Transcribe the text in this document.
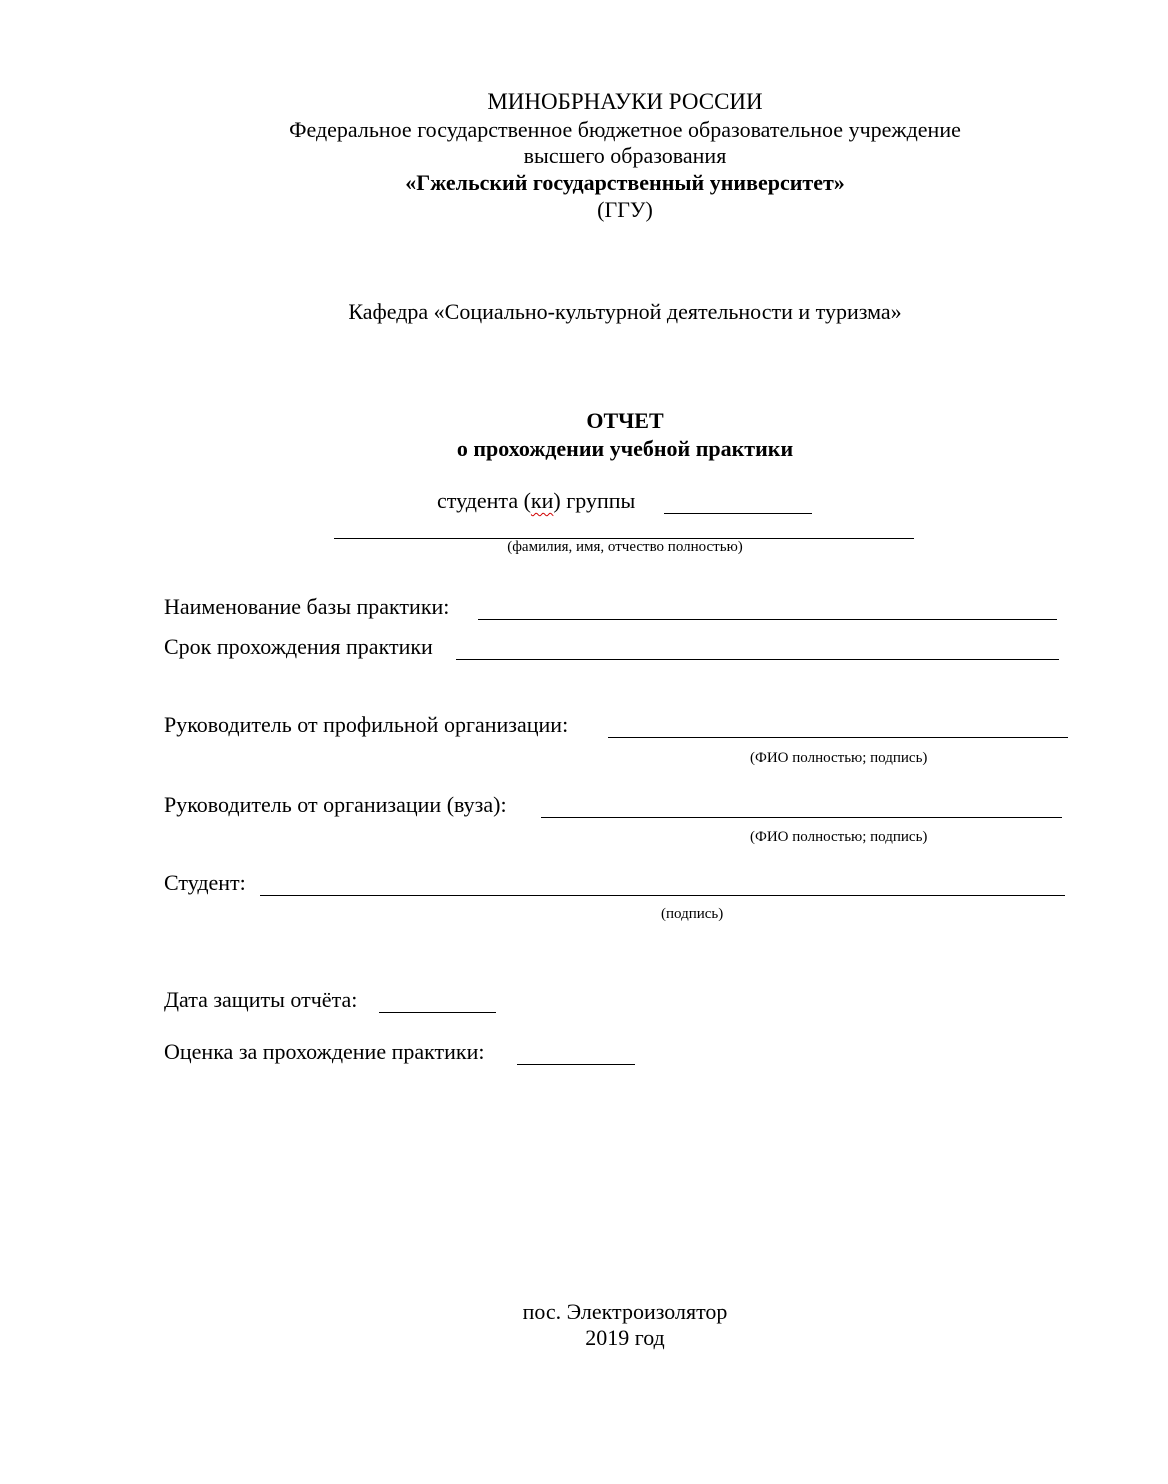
МИНОБРНАУКИ РОССИИ
Федеральное государственное бюджетное образовательное учреждение
высшего образования
«Гжельский государственный университет»
(ГГУ)
Кафедра «Социально-культурной деятельности и туризма»
ОТЧЕТ
о прохождении учебной практики
студента (ки) группы
(фамилия, имя, отчество полностью)
Наименование базы практики:
Срок прохождения практики
Руководитель от профильной организации:
(ФИО полностью; подпись)
Руководитель от организации (вуза):
(ФИО полностью; подпись)
Студент:
(подпись)
Дата защиты отчёта:
Оценка за прохождение практики:
пос. Электроизолятор
2019 год
